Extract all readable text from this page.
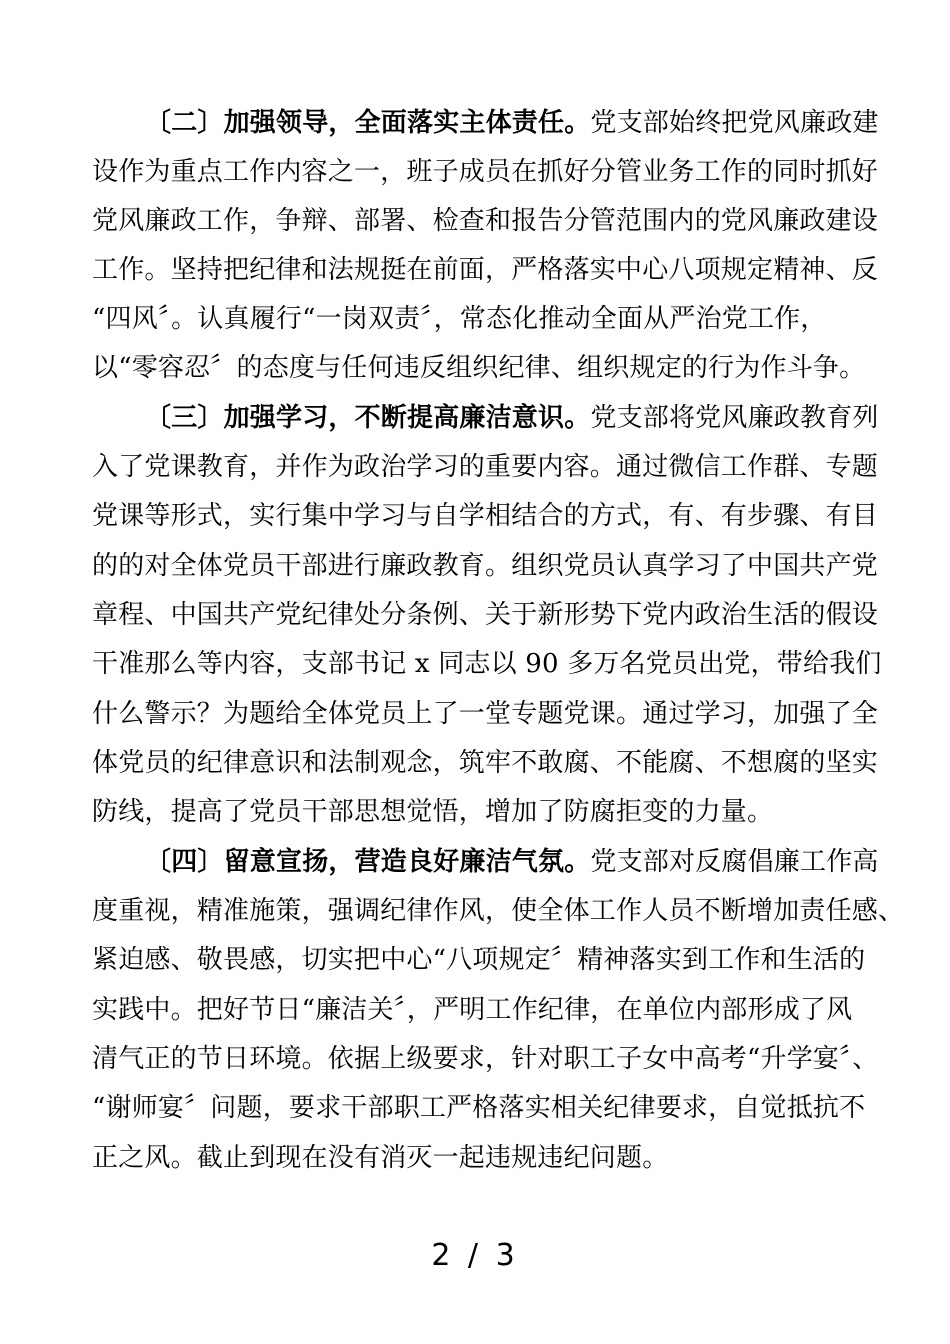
〔二〕加强领导，全面落实主体责任。党支部始终把党风廉政建
设作为重点工作内容之一，班子成员在抓好分管业务工作的同时抓好
党风廉政工作，争辩、部署、检查和报告分管范围内的党风廉政建设
工作。坚持把纪律和法规挺在前面，严格落实中心八项规定精神、反
“四风〞。认真履行“一岗双责〞，常态化推动全面从严治党工作，
以“零容忍〞的态度与任何违反组织纪律、组织规定的行为作斗争。
〔三〕加强学习，不断提高廉洁意识。党支部将党风廉政教育列
入了党课教育，并作为政治学习的重要内容。通过微信工作群、专题
党课等形式，实行集中学习与自学相结合的方式，有、有步骤、有目
的的对全体党员干部进行廉政教育。组织党员认真学习了中国共产党
章程、中国共产党纪律处分条例、关于新形势下党内政治生活的假设
干准那么等内容，支部书记 x 同志以 90 多万名党员出党，带给我们
什么警示？为题给全体党员上了一堂专题党课。通过学习，加强了全
体党员的纪律意识和法制观念，筑牢不敢腐、不能腐、不想腐的坚实
防线，提高了党员干部思想觉悟，增加了防腐拒变的力量。
〔四〕留意宣扬，营造良好廉洁气氛。党支部对反腐倡廉工作高
度重视，精准施策，强调纪律作风，使全体工作人员不断增加责任感、
紧迫感、敬畏感，切实把中心“八项规定〞精神落实到工作和生活的
实践中。把好节日“廉洁关〞，严明工作纪律，在单位内部形成了风
清气正的节日环境。依据上级要求，针对职工子女中高考“升学宴〞、
“谢师宴〞问题，要求干部职工严格落实相关纪律要求，自觉抵抗不
正之风。截止到现在没有消灭一起违规违纪问题。
2 / 3
